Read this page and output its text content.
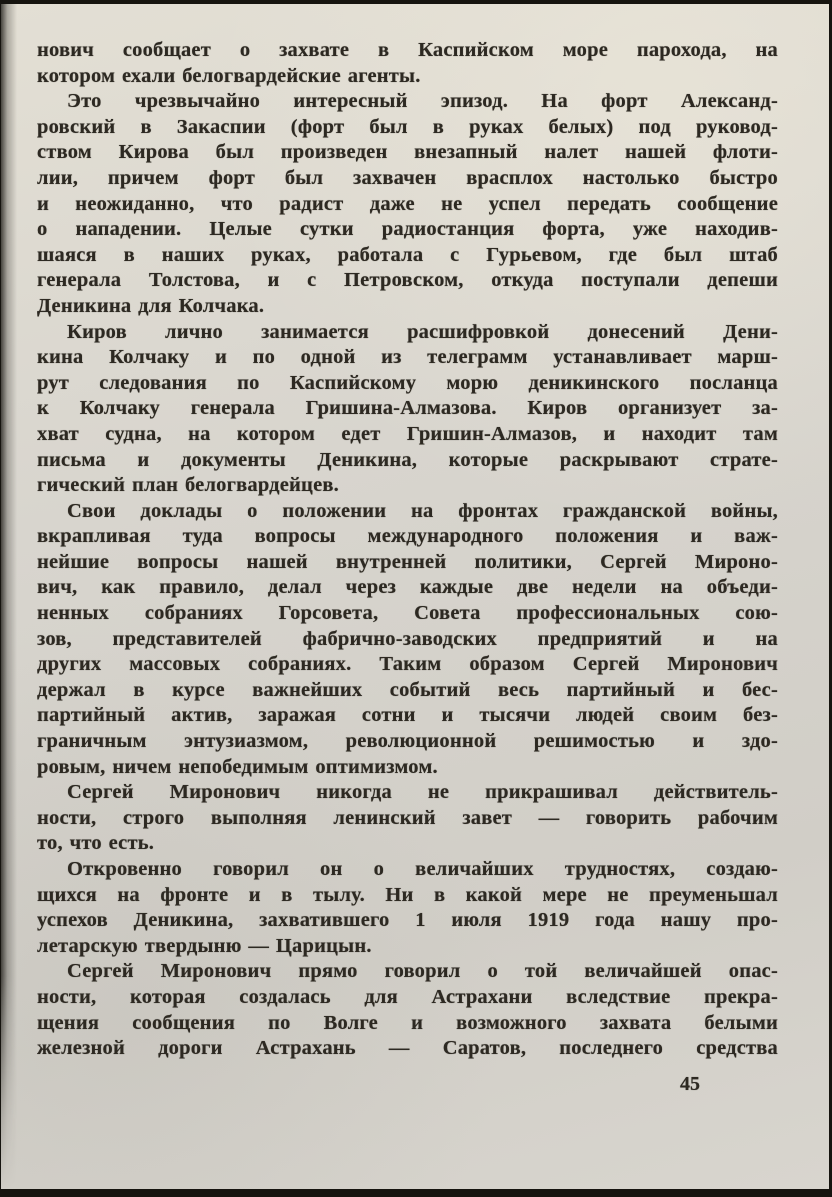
нович сообщает о захвате в Каспийском море парохода, на
котором ехали белогвардейские агенты.
Это чрезвычайно интересный эпизод. На форт Александ-
ровский в Закаспии (форт был в руках белых) под руковод-
ством Кирова был произведен внезапный налет нашей флоти-
лии, причем форт был захвачен врасплох настолько быстро
и неожиданно, что радист даже не успел передать сообщение
о нападении. Целые сутки радиостанция форта, уже находив-
шаяся в наших руках, работала с Гурьевом, где был штаб
генерала Толстова, и с Петровском, откуда поступали депеши
Деникина для Колчака.
Киров лично занимается расшифровкой донесений Дени-
кина Колчаку и по одной из телеграмм устанавливает марш-
рут следования по Каспийскому морю деникинского посланца
к Колчаку генерала Гришина-Алмазова. Киров организует за-
хват судна, на котором едет Гришин-Алмазов, и находит там
письма и документы Деникина, которые раскрывают страте-
гический план белогвардейцев.
Свои доклады о положении на фронтах гражданской войны,
вкрапливая туда вопросы международного положения и важ-
нейшие вопросы нашей внутренней политики, Сергей Мироно-
вич, как правило, делал через каждые две недели на объеди-
ненных собраниях Горсовета, Совета профессиональных сою-
зов, представителей фабрично-заводских предприятий и на
других массовых собраниях. Таким образом Сергей Миронович
держал в курсе важнейших событий весь партийный и бес-
партийный актив, заражая сотни и тысячи людей своим без-
граничным энтузиазмом, революционной решимостью и здо-
ровым, ничем непобедимым оптимизмом.
Сергей Миронович никогда не прикрашивал действитель-
ности, строго выполняя ленинский завет — говорить рабочим
то, что есть.
Откровенно говорил он о величайших трудностях, создаю-
щихся на фронте и в тылу. Ни в какой мере не преуменьшал
успехов Деникина, захватившего 1 июля 1919 года нашу про-
летарскую твердыню — Царицын.
Сергей Миронович прямо говорил о той величайшей опас-
ности, которая создалась для Астрахани вследствие прекра-
щения сообщения по Волге и возможного захвата белыми
железной дороги Астрахань — Саратов, последнего средства
45
